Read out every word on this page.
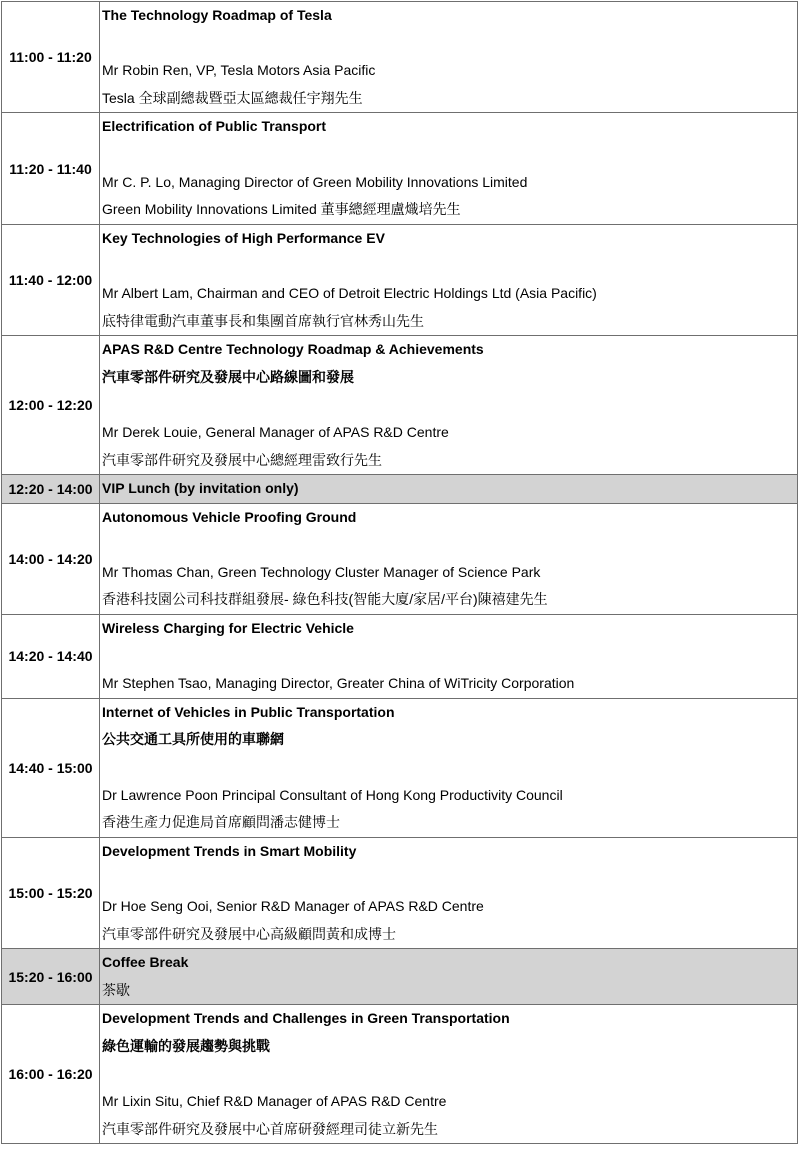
11:00 - 11:20	The Technology Roadmap of Tesla

Mr Robin Ren, VP, Tesla Motors Asia Pacific
Tesla 全球副總裁暨亞太區總裁任宇翔先生

11:20 - 11:40	Electrification of Public Transport

Mr C. P. Lo, Managing Director of Green Mobility Innovations Limited
Green Mobility Innovations Limited 董事總經理盧熾培先生

11:40 - 12:00	Key Technologies of High Performance EV

Mr Albert Lam, Chairman and CEO of Detroit Electric Holdings Ltd (Asia Pacific)
底特律電動汽車董事長和集團首席執行官林秀山先生

12:00 - 12:20	APAS R&D Centre Technology Roadmap & Achievements
汽車零部件研究及發展中心路線圖和發展

Mr Derek Louie, General Manager of APAS R&D Centre
汽車零部件研究及發展中心總經理雷致行先生

12:20 - 14:00	VIP Lunch (by invitation only)

14:00 - 14:20	Autonomous Vehicle Proofing Ground

Mr Thomas Chan, Green Technology Cluster Manager of Science Park
香港科技園公司科技群組發展- 綠色科技(智能大廈/家居/平台)陳禧建先生

14:20 - 14:40	Wireless Charging for Electric Vehicle

Mr Stephen Tsao, Managing Director, Greater China of WiTricity Corporation

14:40 - 15:00	Internet of Vehicles in Public Transportation
公共交通工具所使用的車聯網

Dr Lawrence Poon Principal Consultant of Hong Kong Productivity Council
香港生產力促進局首席顧問潘志健博士

15:00 - 15:20	Development Trends in Smart Mobility

Dr Hoe Seng Ooi, Senior R&D Manager of APAS R&D Centre
汽車零部件研究及發展中心高級顧問黃和成博士

15:20 - 16:00	Coffee Break
茶歇

16:00 - 16:20	Development Trends and Challenges in Green Transportation
綠色運輸的發展趨勢與挑戰

Mr Lixin Situ, Chief R&D Manager of APAS R&D Centre
汽車零部件研究及發展中心首席研發經理司徒立新先生
